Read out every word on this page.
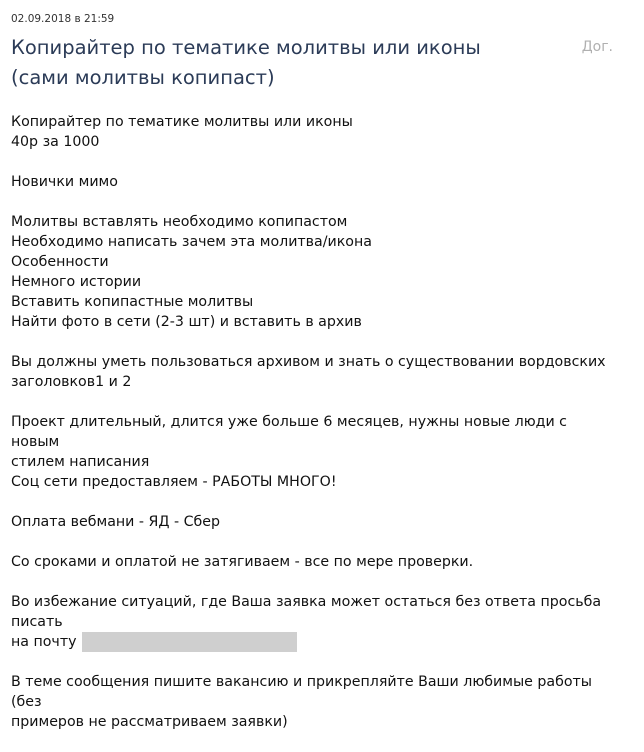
02.09.2018 в 21:59
Копирайтер по тематике молитвы или иконы
(сами молитвы копипаст)
Дог.

Копирайтер по тематике молитвы или иконы
40р за 1000

Новички мимо

Молитвы вставлять необходимо копипастом
Необходимо написать зачем эта молитва/икона
Особенности
Немного истории
Вставить копипастные молитвы
Найти фото в сети (2-3 шт) и вставить в архив

Вы должны уметь пользоваться архивом и знать о существовании вордовских
заголовков1 и 2

Проект длительный, длится уже больше 6 месяцев, нужны новые люди с новым
стилем написания
Соц сети предоставляем - РАБОТЫ МНОГО!

Оплата вебмани - ЯД - Сбер

Со сроками и оплатой не затягиваем - все по мере проверки.

Во избежание ситуаций, где Ваша заявка может остаться без ответа просьба писать
на почту

В теме сообщения пишите вакансию и прикрепляйте Ваши любимые работы (без
примеров не рассматриваем заявки)
